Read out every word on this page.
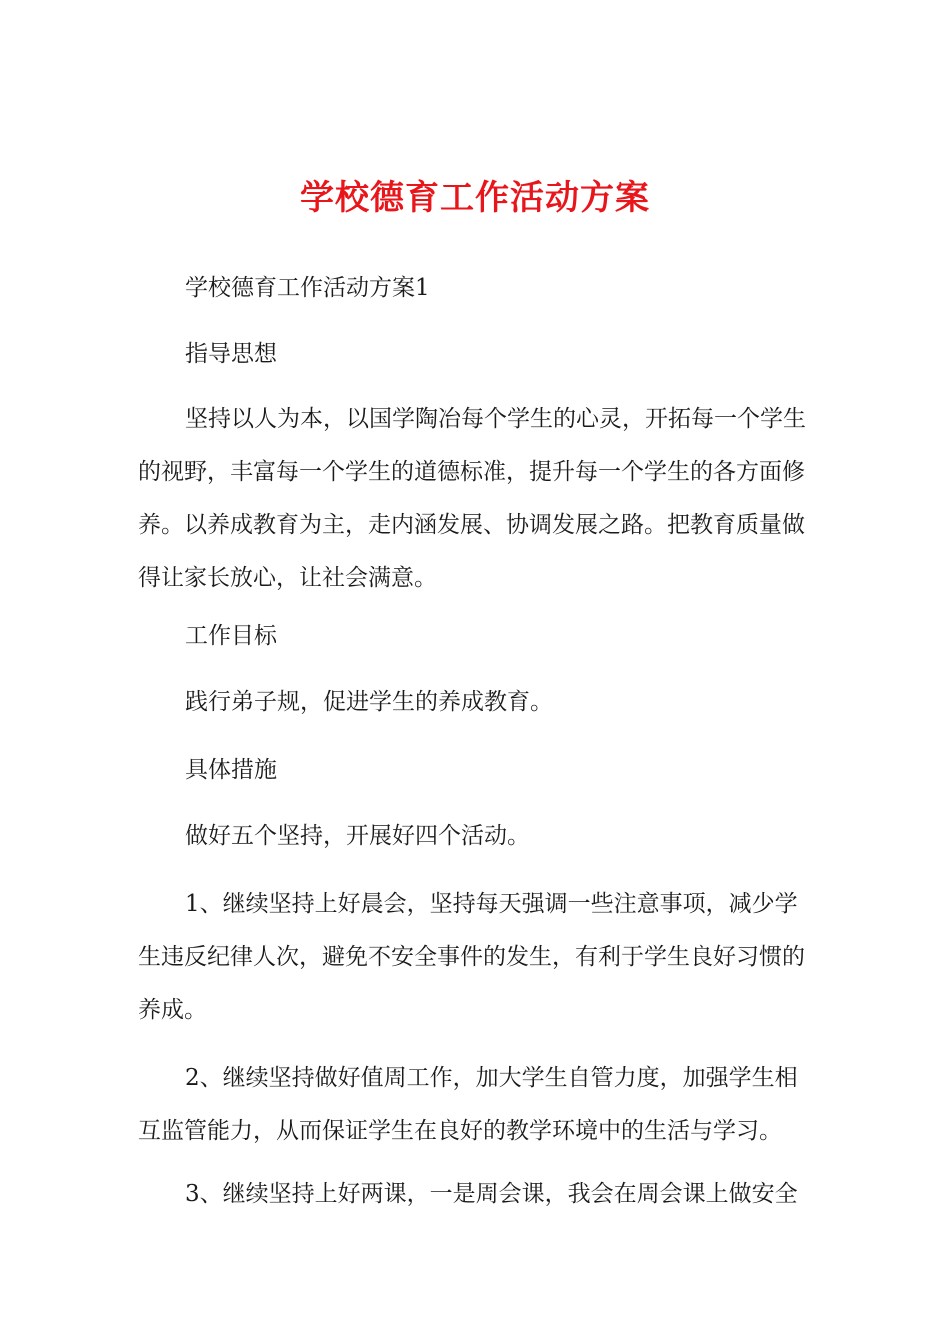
学校德育工作活动方案

学校德育工作活动方案1

指导思想

坚持以人为本，以国学陶冶每个学生的心灵，开拓每一个学生的视野，丰富每一个学生的道德标准，提升每一个学生的各方面修养。以养成教育为主，走内涵发展、协调发展之路。把教育质量做得让家长放心，让社会满意。

工作目标

践行弟子规，促进学生的养成教育。

具体措施

做好五个坚持，开展好四个活动。

1、继续坚持上好晨会，坚持每天强调一些注意事项，减少学生违反纪律人次，避免不安全事件的发生，有利于学生良好习惯的养成。

2、继续坚持做好值周工作，加大学生自管力度，加强学生相互监管能力，从而保证学生在良好的教学环境中的生活与学习。

3、继续坚持上好两课，一是周会课，我会在周会课上做安全
